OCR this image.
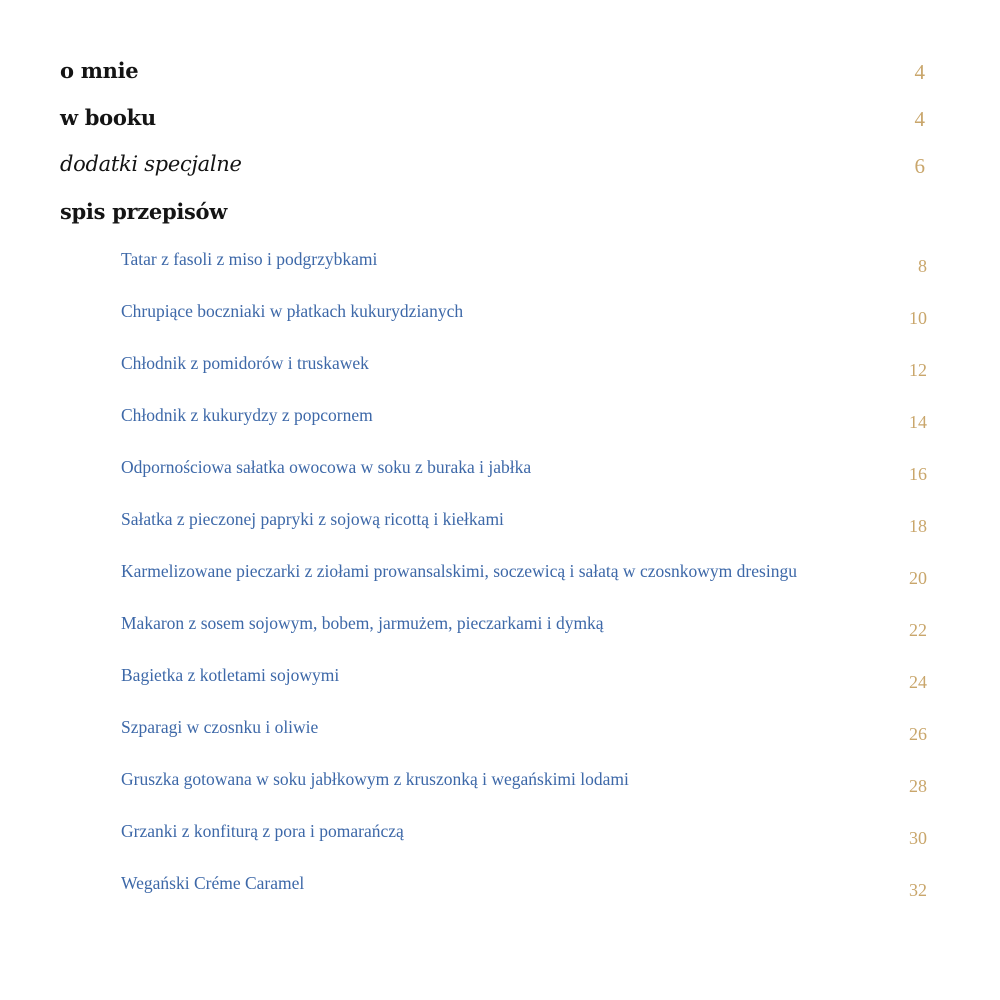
o mnie	4
w booku	4
dodatki specjalne	6
spis przepisów
Tatar z fasoli z miso i podgrzybkami	8
Chrupiące boczniaki w płatkach kukurydzianych	10
Chłodnik z pomidorów i truskawek	12
Chłodnik z kukurydzy z popcornem	14
Odpornościowa sałatka owocowa w soku z buraka i jabłka	16
Sałatka z pieczonej papryki z sojową ricottą i kiełkami	18
Karmelizowane pieczarki z ziołami prowansalskimi, soczewicą i sałatą w czosnkowym dresingu	20
Makaron z sosem sojowym, bobem, jarmużem, pieczarkami i dymką	22
Bagietka z kotletami sojowymi	24
Szparagi w czosnku i oliwie	26
Gruszka gotowana w soku jabłkowym z kruszonką i wegańskimi lodami	28
Grzanki z konfiturą z pora i pomarańczą	30
Wegański Créme Caramel	32
